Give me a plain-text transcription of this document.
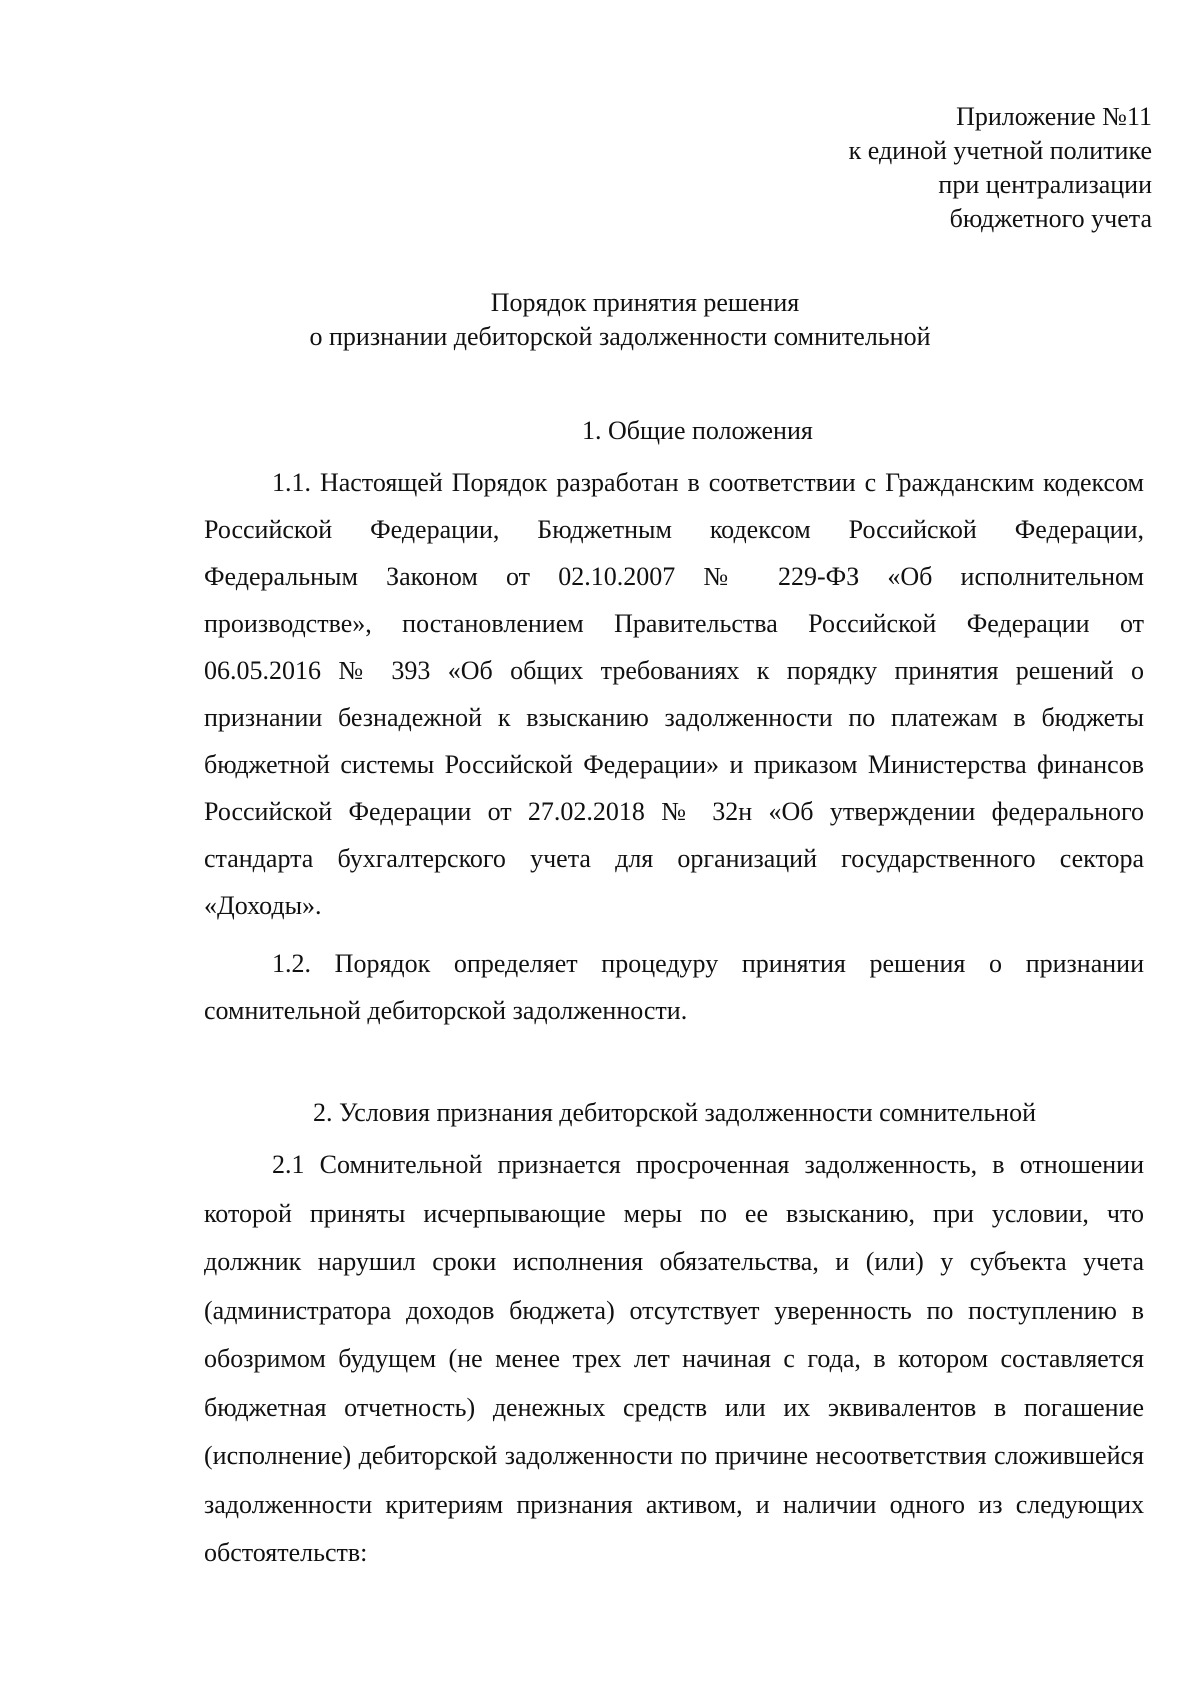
Приложение №11
к единой учетной политике
при централизации
бюджетного учета
Порядок принятия решения
о признании дебиторской задолженности сомнительной
1. Общие положения
1.1. Настоящей Порядок разработан в соответствии с Гражданским кодексом Российской Федерации, Бюджетным кодексом Российской Федерации, Федеральным Законом от 02.10.2007 № 229-ФЗ «Об исполнительном производстве», постановлением Правительства Российской Федерации от 06.05.2016 № 393 «Об общих требованиях к порядку принятия решений о признании безнадежной к взысканию задолженности по платежам в бюджеты бюджетной системы Российской Федерации» и приказом Министерства финансов Российской Федерации от 27.02.2018 № 32н «Об утверждении федерального стандарта бухгалтерского учета для организаций государственного сектора «Доходы».
1.2. Порядок определяет процедуру принятия решения о признании сомнительной дебиторской задолженности.
2. Условия признания дебиторской задолженности сомнительной
2.1 Сомнительной признается просроченная задолженность, в отношении которой приняты исчерпывающие меры по ее взысканию, при условии, что должник нарушил сроки исполнения обязательства, и (или) у субъекта учета (администратора доходов бюджета) отсутствует уверенность по поступлению в обозримом будущем (не менее трех лет начиная с года, в котором составляется бюджетная отчетность) денежных средств или их эквивалентов в погашение (исполнение) дебиторской задолженности по причине несоответствия сложившейся задолженности критериям признания активом, и наличии одного из следующих обстоятельств:
